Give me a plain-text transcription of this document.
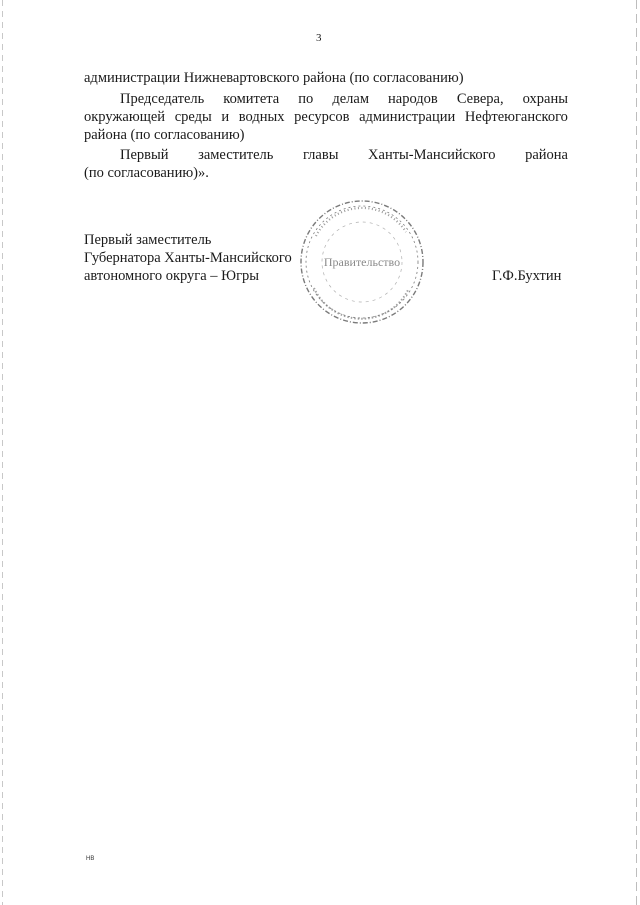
3
администрации Нижневартовского района (по согласованию)
Председатель комитета по делам народов Севера, охраны
окружающей среды и водных ресурсов администрации Нефтеюганского
района (по согласованию)
Первый заместитель главы Ханты-Мансийского района
(по согласованию)».
Первый заместитель
Губернатора Ханты-Мансийского
автономного округа – Югры	Г.Ф.Бухтин
Правительство
НВ
